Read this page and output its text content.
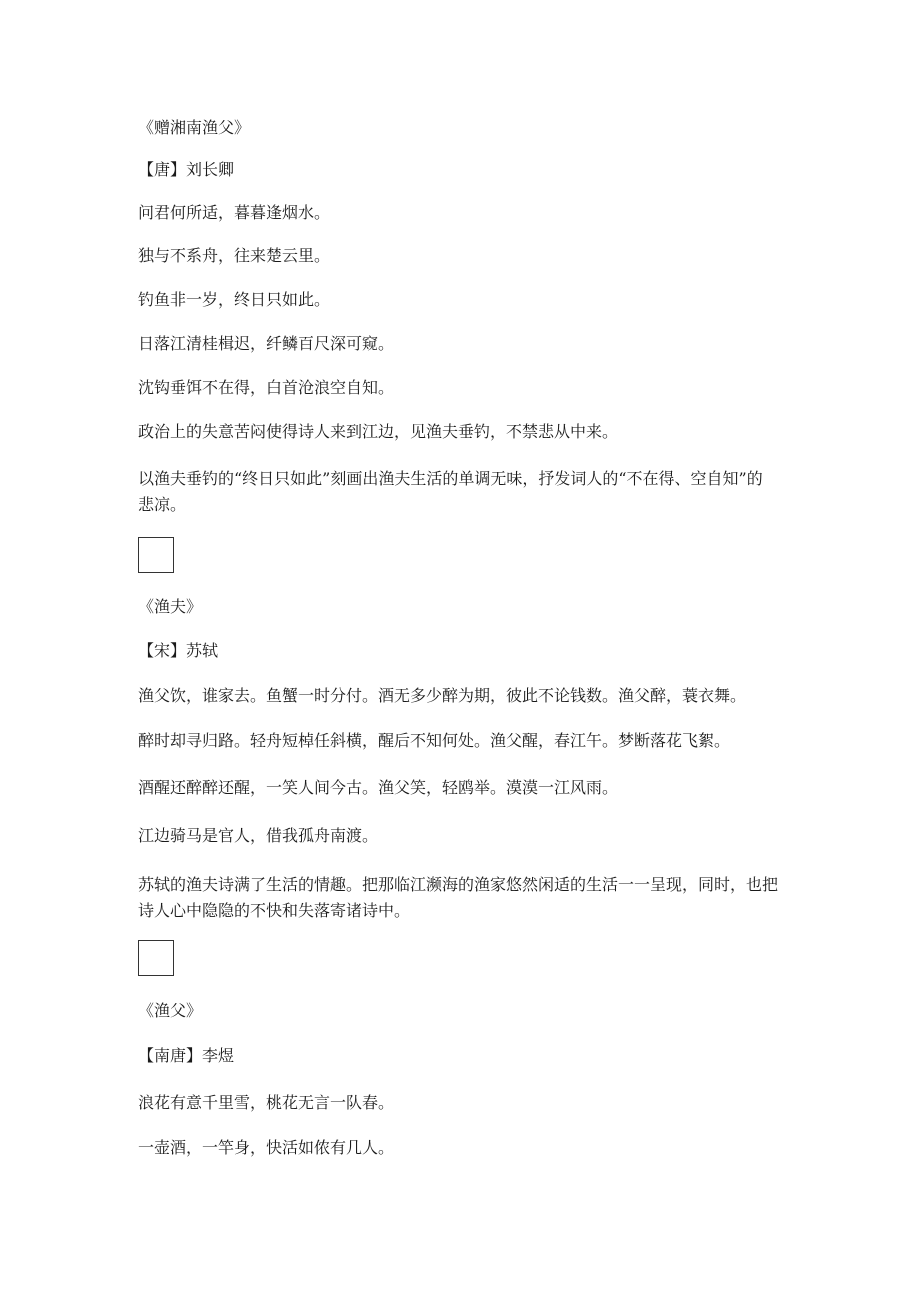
《赠湘南渔父》
【唐】刘长卿
问君何所适，暮暮逢烟水。
独与不系舟，往来楚云里。
钓鱼非一岁，终日只如此。
日落江清桂楫迟，纤鳞百尺深可窥。
沈钩垂饵不在得，白首沧浪空自知。
政治上的失意苦闷使得诗人来到江边，见渔夫垂钓，不禁悲从中来。
以渔夫垂钓的“终日只如此”刻画出渔夫生活的单调无味，抒发词人的“不在得、空自知”的悲凉。
《渔夫》
【宋】苏轼
渔父饮，谁家去。鱼蟹一时分付。酒无多少醉为期，彼此不论钱数。渔父醉，蓑衣舞。
醉时却寻归路。轻舟短棹任斜横，醒后不知何处。渔父醒，春江午。梦断落花飞絮。
酒醒还醉醉还醒，一笑人间今古。渔父笑，轻鸥举。漠漠一江风雨。
江边骑马是官人，借我孤舟南渡。
苏轼的渔夫诗满了生活的情趣。把那临江濒海的渔家悠然闲适的生活一一呈现，同时，也把诗人心中隐隐的不快和失落寄诸诗中。
《渔父》
【南唐】李煜
浪花有意千里雪，桃花无言一队春。
一壶酒，一竿身，快活如侬有几人。
